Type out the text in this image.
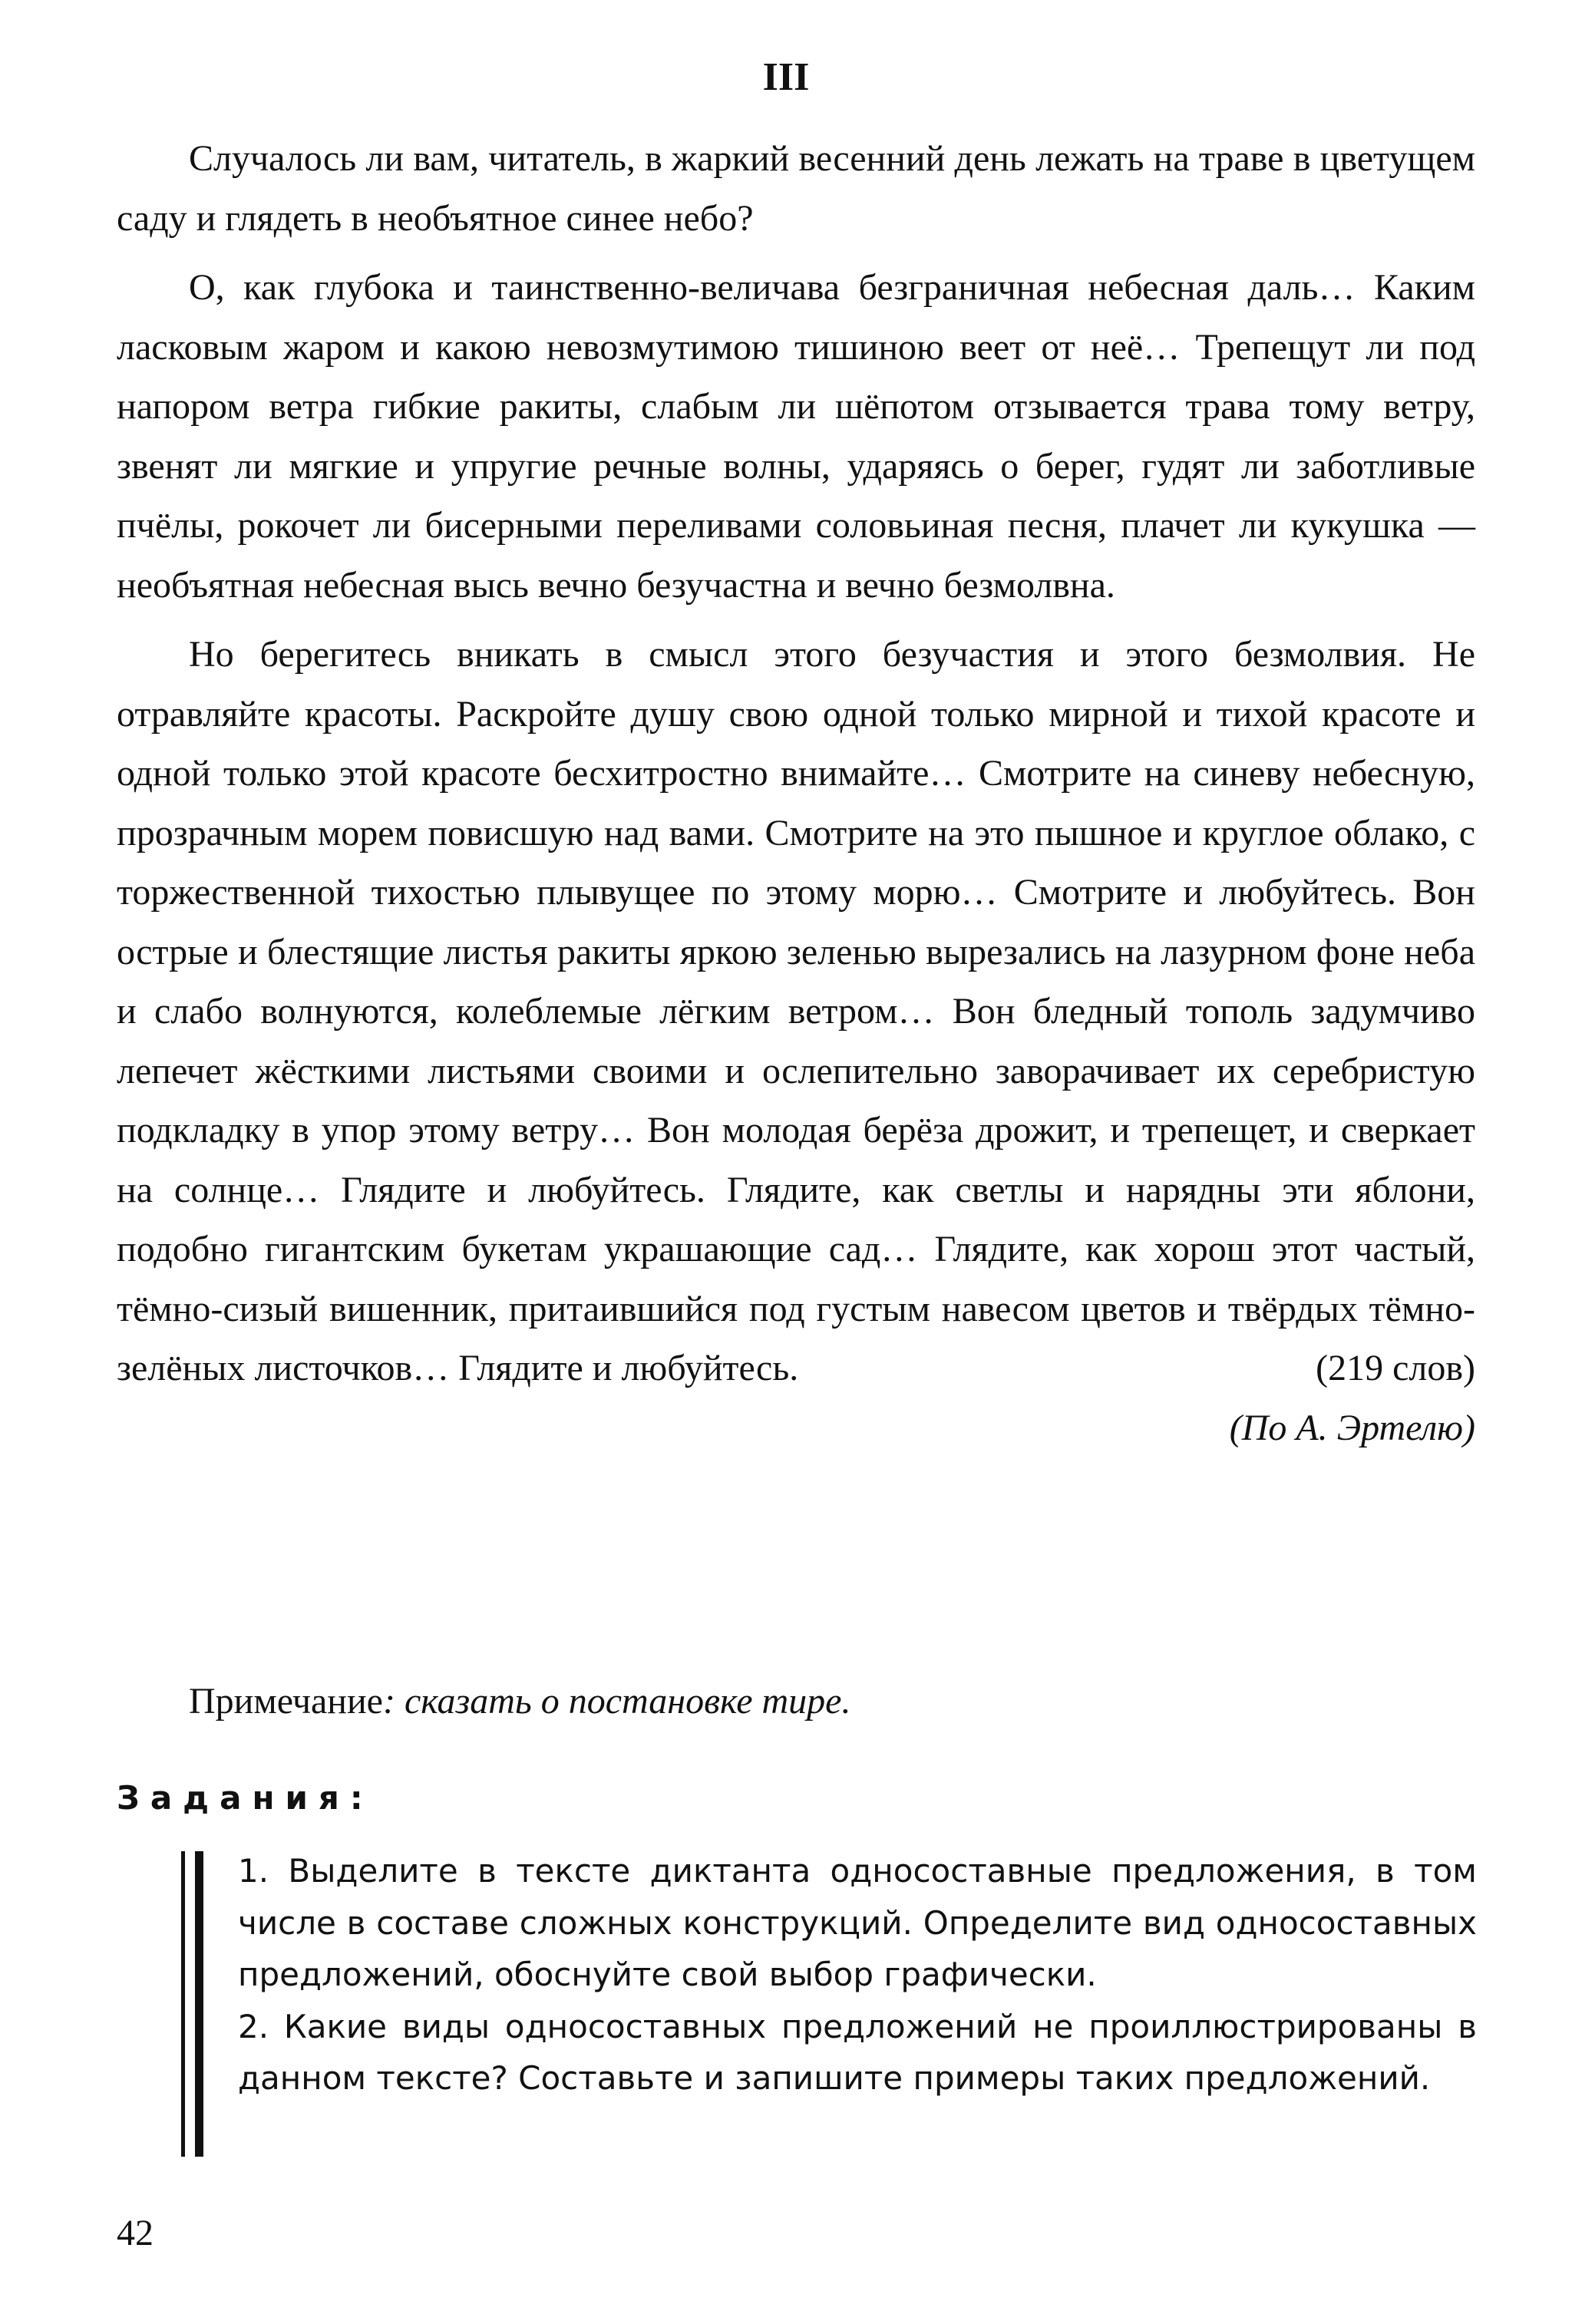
III

Случалось ли вам, читатель, в жаркий весенний день лежать на траве в цветущем саду и глядеть в необъятное синее небо?

О, как глубока и таинственно-величава безграничная небесная даль… Каким ласковым жаром и какою невозмутимою тишиною веет от неё… Трепещут ли под напором ветра гибкие ракиты, слабым ли шёпотом отзывается трава тому ветру, звенят ли мягкие и упругие речные волны, ударяясь о берег, гудят ли заботливые пчёлы, рокочет ли бисерными переливами соловьиная песня, плачет ли кукушка — необъятная небесная высь вечно безучастна и вечно безмолвна.

Но берегитесь вникать в смысл этого безучастия и этого безмолвия. Не отравляйте красоты. Раскройте душу свою одной только мирной и тихой красоте и одной только этой красоте бесхитростно внимайте… Смотрите на синеву небесную, прозрачным морем повисшую над вами. Смотрите на это пышное и круглое облако, с торжественной тихостью плывущее по этому морю… Смотрите и любуйтесь. Вон острые и блестящие листья ракиты яркою зеленью вырезались на лазурном фоне неба и слабо волнуются, колеблемые лёгким ветром… Вон бледный тополь задумчиво лепечет жёсткими листьями своими и ослепительно заворачивает их серебристую подкладку в упор этому ветру… Вон молодая берёза дрожит, и трепещет, и сверкает на солнце… Глядите и любуйтесь. Глядите, как светлы и нарядны эти яблони, подобно гигантским букетам украшающие сад… Глядите, как хорош этот частый, тёмно-сизый вишенник, притаившийся под густым навесом цветов и твёрдых тёмно-зелёных листочков… Глядите и любуйтесь.	(219 слов)

(По А. Эртелю)
Примечание: сказать о постановке тире.
Задания:

1. Выделите в тексте диктанта односоставные предложения, в том числе в составе сложных конструкций. Определите вид односоставных предложений, обоснуйте свой выбор графически.

2. Какие виды односоставных предложений не проиллюстрированы в данном тексте? Составьте и запишите примеры таких предложений.

42
